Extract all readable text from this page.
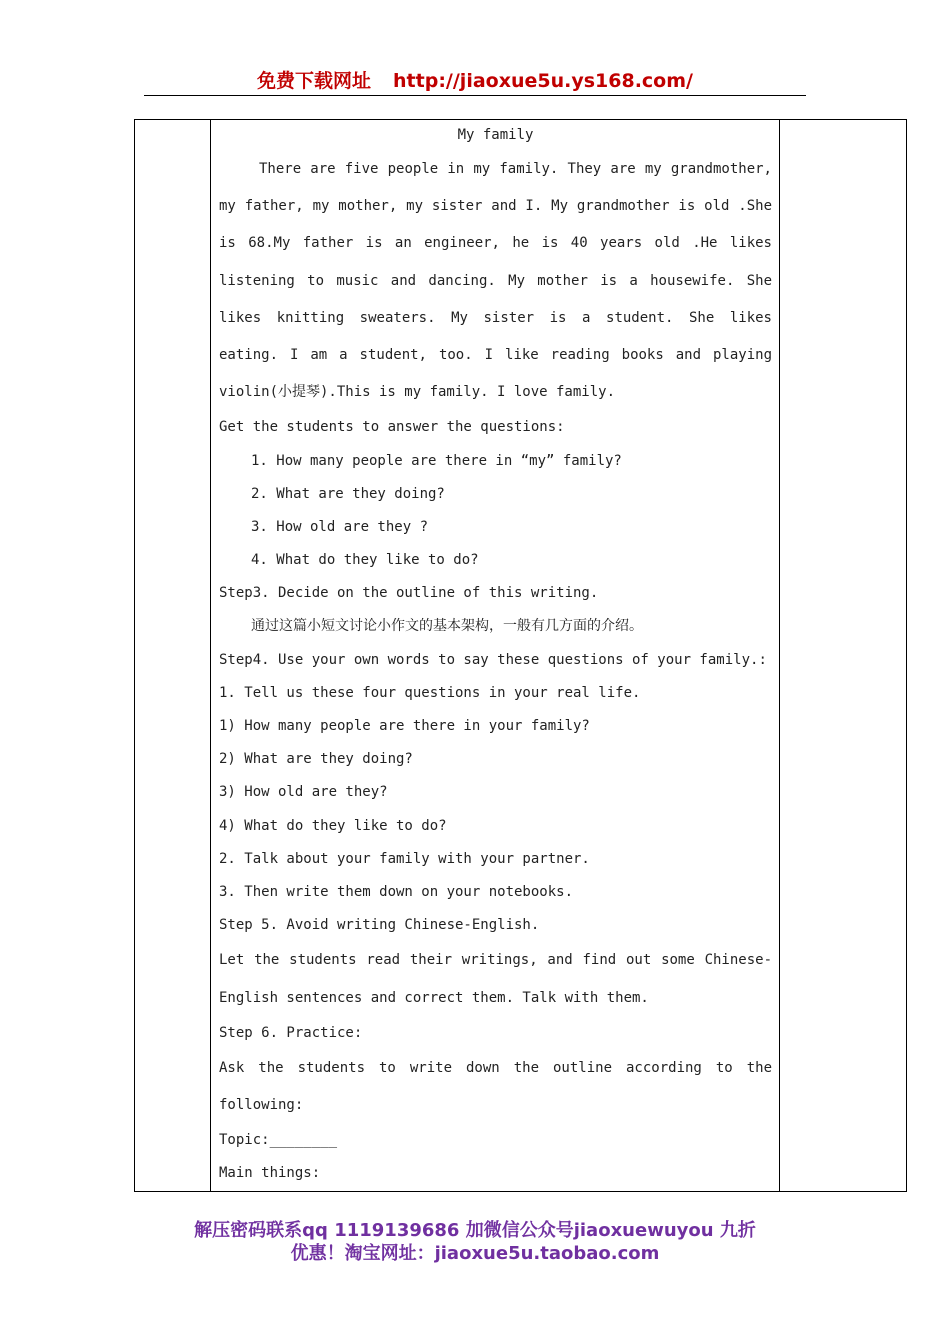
免费下载网址 http://jiaoxue5u.ys168.com/

My family
There are five people in my family. They are my grandmother,
my father, my mother, my sister and I. My grandmother is old .She
is 68.My father is an engineer, he is 40 years old .He likes
listening to music and dancing. My mother is a housewife. She
likes knitting sweaters. My sister is a student. She likes
eating. I am a student, too. I like reading books and playing
violin(小提琴).This is my family. I love family.
Get the students to answer the questions:
1. How many people are there in “my” family?
2. What are they doing?
3. How old are they ?
4. What do they like to do?
Step3. Decide on the outline of this writing.
通过这篇小短文讨论小作文的基本架构，一般有几方面的介绍。
Step4. Use your own words to say these questions of your family.:
1. Tell us these four questions in your real life.
1) How many people are there in your family?
2) What are they doing?
3) How old are they?
4) What do they like to do?
2. Talk about your family with your partner.
3. Then write them down on your notebooks.
Step 5. Avoid writing Chinese-English.
Let the students read their writings, and find out some Chinese-
English sentences and correct them. Talk with them.
Step 6. Practice:
Ask the students to write down the outline according to the
following:
Topic:________
Main things:

解压密码联系qq 1119139686 加微信公众号jiaoxuewuyou 九折
优惠！淘宝网址：jiaoxue5u.taobao.com
